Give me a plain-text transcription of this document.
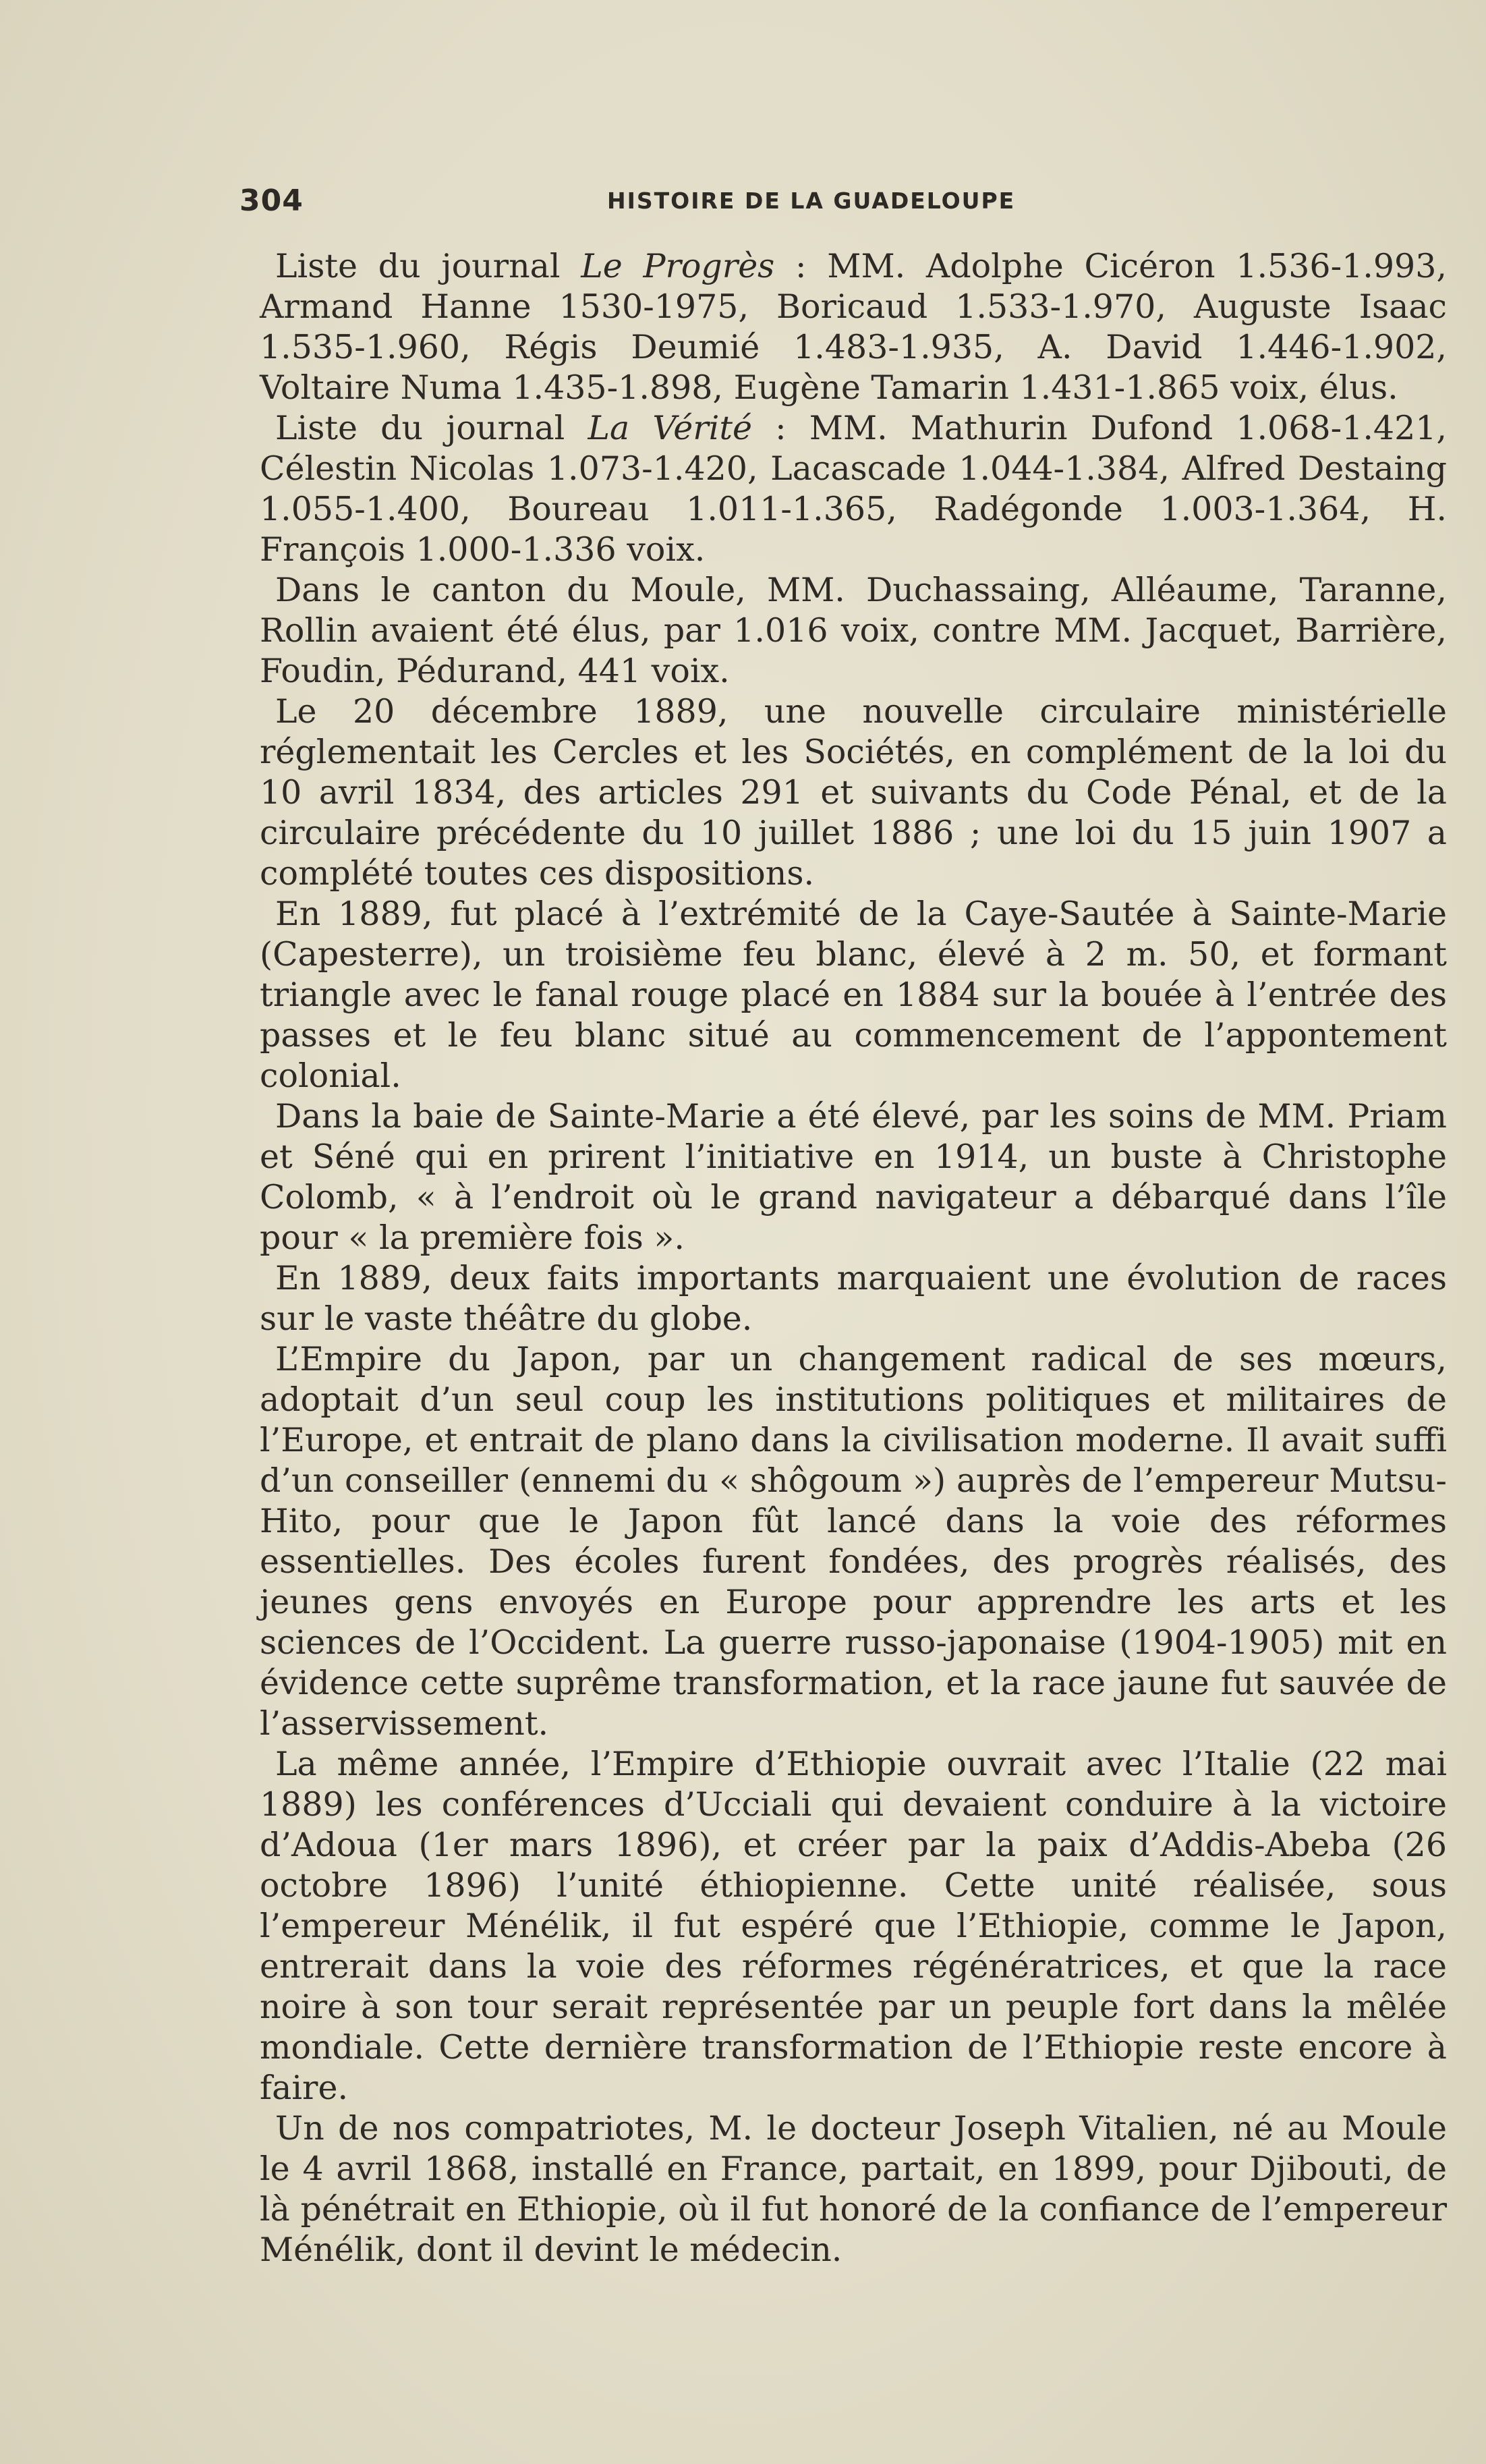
304	HISTOIRE DE LA GUADELOUPE

Liste du journal Le Progrès : MM. Adolphe Cicéron 1.536-1.993, Armand Hanne 1530-1975, Boricaud 1.533-1.970, Auguste Isaac 1.535-1.960, Régis Deumié 1.483-1.935, A. David 1.446-1.902, Voltaire Numa 1.435-1.898, Eugène Tamarin 1.431-1.865 voix, élus.

Liste du journal La Vérité : MM. Mathurin Dufond 1.068-1.421, Célestin Nicolas 1.073-1.420, Lacascade 1.044-1.384, Alfred Destaing 1.055-1.400, Boureau 1.011-1.365, Radégonde 1.003-1.364, H. François 1.000-1.336 voix.

Dans le canton du Moule, MM. Duchassaing, Alléaume, Taranne, Rollin avaient été élus, par 1.016 voix, contre MM. Jacquet, Barrière, Foudin, Pédurand, 441 voix.

Le 20 décembre 1889, une nouvelle circulaire ministérielle réglementait les Cercles et les Sociétés, en complément de la loi du 10 avril 1834, des articles 291 et suivants du Code Pénal, et de la circulaire précédente du 10 juillet 1886 ; une loi du 15 juin 1907 a complété toutes ces dispositions.

En 1889, fut placé à l’extrémité de la Caye-Sautée à Sainte-Marie (Capesterre), un troisième feu blanc, élevé à 2 m. 50, et formant triangle avec le fanal rouge placé en 1884 sur la bouée à l’entrée des passes et le feu blanc situé au commencement de l’appontement colonial.

Dans la baie de Sainte-Marie a été élevé, par les soins de MM. Priam et Séné qui en prirent l’initiative en 1914, un buste à Christophe Colomb, « à l’endroit où le grand navigateur a débarqué dans l’île pour « la première fois ».

En 1889, deux faits importants marquaient une évolution de races sur le vaste théâtre du globe.

L’Empire du Japon, par un changement radical de ses mœurs, adoptait d’un seul coup les institutions politiques et militaires de l’Europe, et entrait de plano dans la civilisation moderne. Il avait suffi d’un conseiller (ennemi du « shôgoum ») auprès de l’empereur Mutsu-Hito, pour que le Japon fût lancé dans la voie des réformes essentielles. Des écoles furent fondées, des progrès réalisés, des jeunes gens envoyés en Europe pour apprendre les arts et les sciences de l’Occident. La guerre russo-japonaise (1904-1905) mit en évidence cette suprême transformation, et la race jaune fut sauvée de l’asservissement.

La même année, l’Empire d’Ethiopie ouvrait avec l’Italie (22 mai 1889) les conférences d’Ucciali qui devaient conduire à la victoire d’Adoua (1er mars 1896), et créer par la paix d’Addis-Abeba (26 octobre 1896) l’unité éthiopienne. Cette unité réalisée, sous l’empereur Ménélik, il fut espéré que l’Ethiopie, comme le Japon, entrerait dans la voie des réformes régénératrices, et que la race noire à son tour serait représentée par un peuple fort dans la mêlée mondiale. Cette dernière transformation de l’Ethiopie reste encore à faire.

Un de nos compatriotes, M. le docteur Joseph Vitalien, né au Moule le 4 avril 1868, installé en France, partait, en 1899, pour Djibouti, de là pénétrait en Ethiopie, où il fut honoré de la confiance de l’empereur Ménélik, dont il devint le médecin.
